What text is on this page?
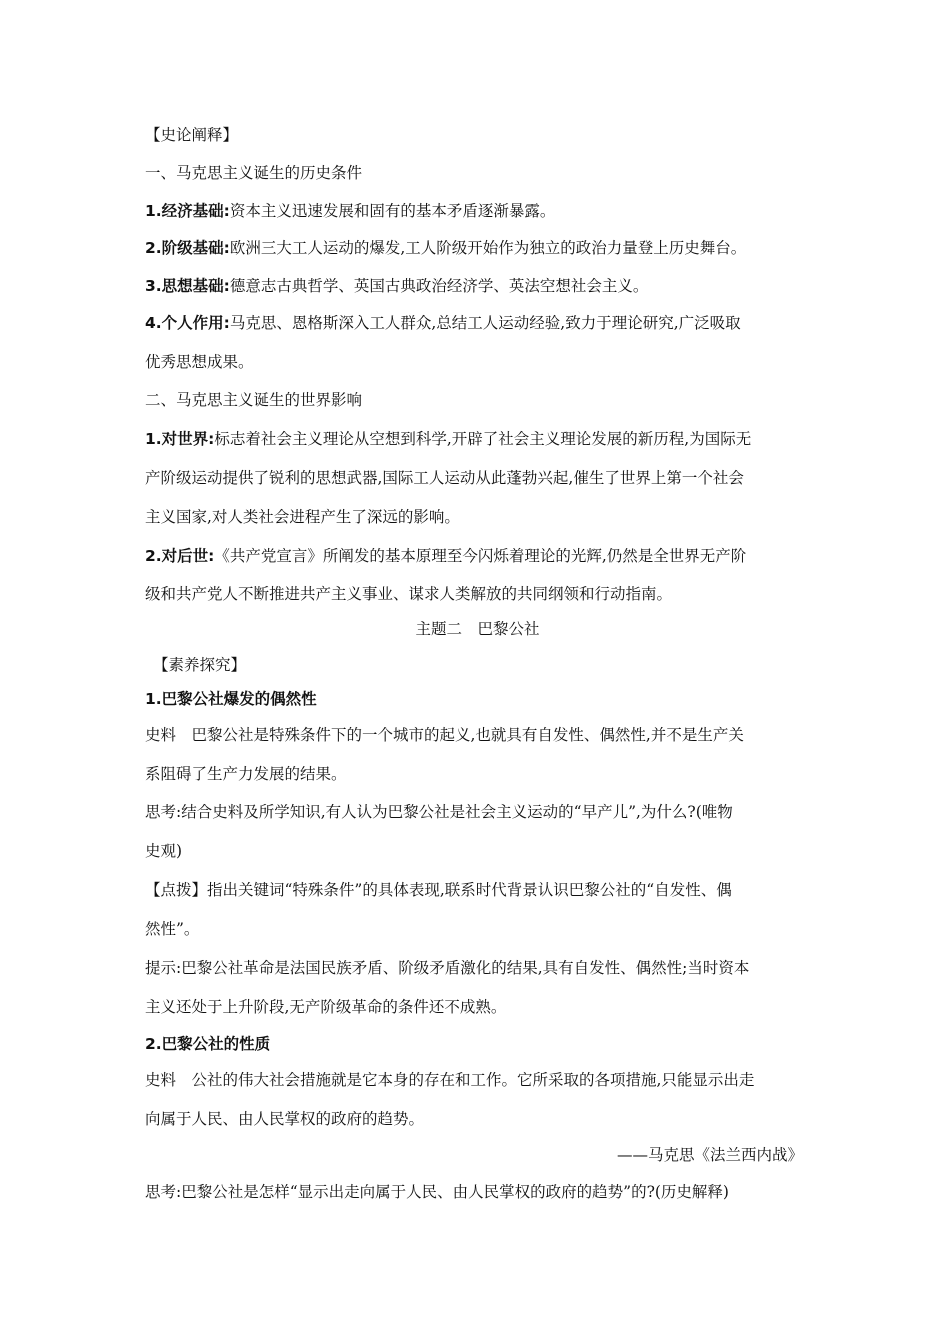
【史论阐释】

一、马克思主义诞生的历史条件

1.经济基础:资本主义迅速发展和固有的基本矛盾逐渐暴露。

2.阶级基础:欧洲三大工人运动的爆发,工人阶级开始作为独立的政治力量登上历史舞台。

3.思想基础:德意志古典哲学、英国古典政治经济学、英法空想社会主义。

4.个人作用:马克思、恩格斯深入工人群众,总结工人运动经验,致力于理论研究,广泛吸取

优秀思想成果。

二、马克思主义诞生的世界影响

1.对世界:标志着社会主义理论从空想到科学,开辟了社会主义理论发展的新历程,为国际无

产阶级运动提供了锐利的思想武器,国际工人运动从此蓬勃兴起,催生了世界上第一个社会

主义国家,对人类社会进程产生了深远的影响。

2.对后世:《共产党宣言》所阐发的基本原理至今闪烁着理论的光辉,仍然是全世界无产阶

级和共产党人不断推进共产主义事业、谋求人类解放的共同纲领和行动指南。

主题二　巴黎公社

【素养探究】

1.巴黎公社爆发的偶然性

史料　巴黎公社是特殊条件下的一个城市的起义,也就具有自发性、偶然性,并不是生产关

系阻碍了生产力发展的结果。

思考:结合史料及所学知识,有人认为巴黎公社是社会主义运动的“早产儿”,为什么?(唯物

史观)

【点拨】指出关键词“特殊条件”的具体表现,联系时代背景认识巴黎公社的“自发性、偶

然性”。

提示:巴黎公社革命是法国民族矛盾、阶级矛盾激化的结果,具有自发性、偶然性;当时资本

主义还处于上升阶段,无产阶级革命的条件还不成熟。

2.巴黎公社的性质

史料　公社的伟大社会措施就是它本身的存在和工作。它所采取的各项措施,只能显示出走

向属于人民、由人民掌权的政府的趋势。

——马克思《法兰西内战》

思考:巴黎公社是怎样“显示出走向属于人民、由人民掌权的政府的趋势”的?(历史解释)
